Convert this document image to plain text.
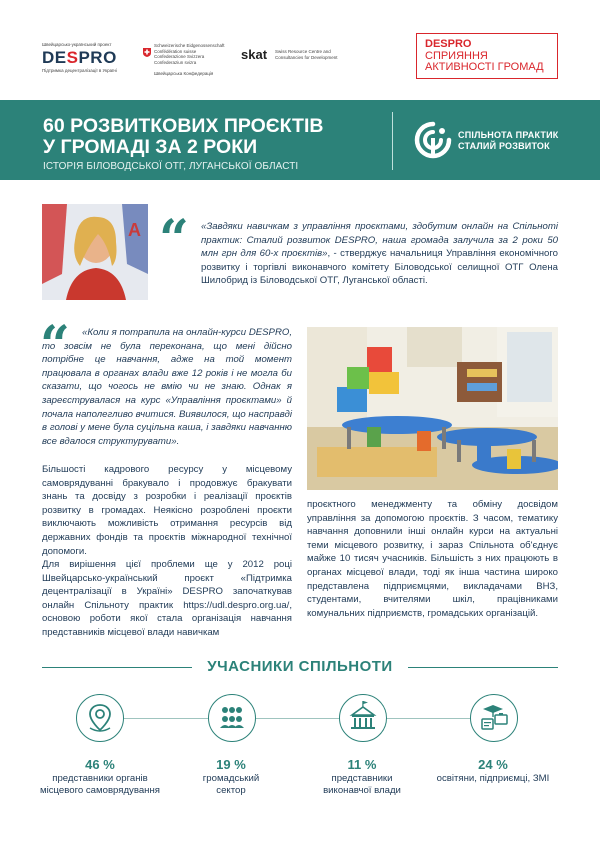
Швейцарсько-український проект
DESPRO
Підтримка децентралізації в Україні
Schweizerische Eidgenossenschaft
Confédération suisse
Confederazione Svizzera
Confederaziun svizra
Швейцарська Конфедерація
skat Swiss Resource Centre and
Consultancies for Development
DESPRO
СПРИЯННЯ
АКТИВНОСТІ ГРОМАД
60 РОЗВИТКОВИХ ПРОЄКТІВ
У ГРОМАДІ ЗА 2 РОКИ
ІСТОРІЯ БІЛОВОДСЬКОЇ ОТГ, ЛУГАНСЬКОЇ ОБЛАСТІ
СПІЛЬНОТА ПРАКТИК
СТАЛИЙ РОЗВИТОК
A “ «Завдяки навичкам з управління проєктами, здобутим онлайн на Спільноті практик: Сталий розвиток DESPRO, наша громада залучила за 2 роки 50 млн грн для 60-х проєктів», - стверджує начальниця Управління економічного розвитку і торгівлі виконавчого комітету Біловодської селищної ОТГ Олена Шилобрид із Біловодської ОТГ, Луганської області.
“	«Коли я потрапила на онлайн-курси DESPRO, то зовсім не була переконана, що мені дійсно потрібне це навчання, адже на той момент працювала в органах влади вже 12 років і не могла би сказати, що чогось не вмію чи не знаю. Однак я зареєструвалася на курс «Управління проєктами» й почала наполегливо вчитися. Виявилося, що насправді в голові у мене була суцільна каша, і завдяки навчанню все вдалося структурувати».
Більшості кадрового ресурсу у місцевому самоврядуванні бракувало і продовжує бракувати знань та досвіду з розробки і реалізації проєктів розвитку в громадах. Неякісно розроблені проєкти виключають можливість отримання ресурсів від державних фондів та проєктів міжнародної технічної допомоги.
Для вирішення цієї проблеми ще у 2012 році Швейцарсько-український проєкт «Підтримка децентралізації в Україні» DESPRO започаткував онлайн Спільноту практик https://udl.despro.org.ua/, основою роботи якої стала організація навчання представників місцевої влади навичкам
проєктного менеджменту та обміну досвідом управління за допомогою проєктів. З часом, тематику навчання доповнили інші онлайн курси на актуальні теми місцевого розвитку, і зараз Спільнота об'єднує майже 10 тисяч учасників. Більшість з них працюють в органах місцевої влади, тоді як інша частина широко представлена підприємцями, викладачами ВНЗ, студентами, вчителями шкіл, працівниками комунальних підприємств, громадських організацій.
УЧАСНИКИ СПІЛЬНОТИ
46 %
представники органів
місцевого самоврядування
19 %
громадський
сектор
11 %
представники
виконавчої влади
24 %
освітяни, підприємці, ЗМІ
